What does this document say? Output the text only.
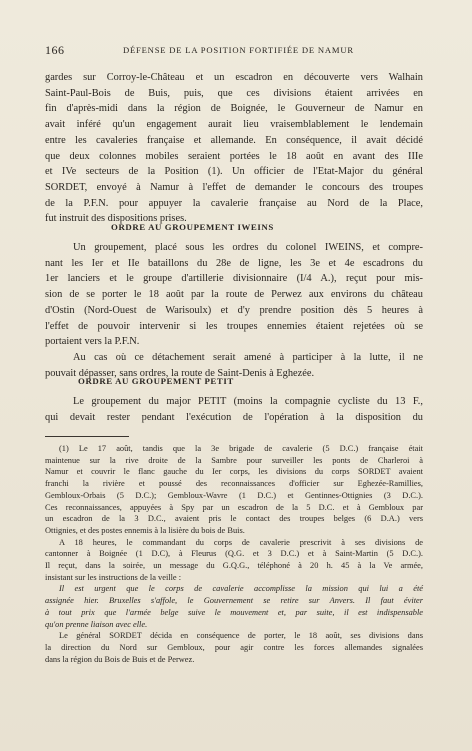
166	DÉFENSE DE LA POSITION FORTIFIÉE DE NAMUR

gardes sur Corroy-le-Château et un escadron en découverte vers Walhain
Saint-Paul-Bois de Buis, puis, que ces divisions étaient arrivées en
fin d'après-midi dans la région de Boignée, le Gouverneur de Namur en
avait inféré qu'un engagement aurait lieu vraisemblablement le lendemain
entre les cavaleries française et allemande. En conséquence, il avait décidé
que deux colonnes mobiles seraient portées le 18 août en avant des IIIe
et IVe secteurs de la Position (1). Un officier de l'Etat-Major du général
SORDET, envoyé à Namur à l'effet de demander le concours des troupes
de la P.F.N. pour appuyer la cavalerie française au Nord de la Place,
fut instruit des dispositions prises.

ORDRE AU GROUPEMENT IWEINS

Un groupement, placé sous les ordres du colonel IWEINS, et compre-
nant les Ier et IIe bataillons du 28e de ligne, les 3e et 4e escadrons du
1er lanciers et le groupe d'artillerie divisionnaire (I/4 A.), reçut pour mis-
sion de se porter le 18 août par la route de Perwez aux environs du château
d'Ostin (Nord-Ouest de Warisoulx) et d'y prendre position dès 5 heures à
l'effet de pouvoir intervenir si les troupes ennemies étaient rejetées où se
portaient vers la P.F.N.

Au cas où ce détachement serait amené à participer à la lutte, il ne
pouvait dépasser, sans ordres, la route de Saint-Denis à Eghezée.

ORDRE AU GROUPEMENT PETIT

Le groupement du major PETIT (moins la compagnie cycliste du 13 F.,
qui devait rester pendant l'exécution de l'opération à la disposition du

(1) Le 17 août, tandis que la 3e brigade de cavalerie (5 D.C.) française était
maintenue sur la rive droite de la Sambre pour surveiller les ponts de Charleroi à
Namur et couvrir le flanc gauche du Ier corps, les divisions du corps SORDET avaient
franchi la rivière et poussé des reconnaissances d'officier sur Eghezée-Ramillies,
Gembloux-Orbais (5 D.C.); Gembloux-Wavre (1 D.C.) et Gentinnes-Ottignies (3 D.C.).
Ces reconnaissances, appuyées à Spy par un escadron de la 5 D.C. et à Gembloux par
un escadron de la 3 D.C., avaient pris le contact des troupes belges (6 D.A.) vers
Ottignies, et des postes ennemis à la lisière du bois de Buis.

A 18 heures, le commandant du corps de cavalerie prescrivit à ses divisions de
cantonner à Boignée (1 D.C), à Fleurus (Q.G. et 3 D.C.) et à Saint-Martin (5 D.C.).
Il reçut, dans la soirée, un message du G.Q.G., téléphoné à 20 h. 45 à la Ve armée,
insistant sur les instructions de la veille :

Il est urgent que le corps de cavalerie accomplisse la mission qui lui a été
assignée hier. Bruxelles s'affole, le Gouvernement se retire sur Anvers. Il faut éviter
à tout prix que l'armée belge suive le mouvement et, par suite, il est indispensable
qu'on prenne liaison avec elle.

Le général SORDET décida en conséquence de porter, le 18 août, ses divisions dans
la direction du Nord sur Gembloux, pour agir contre les forces allemandes signalées
dans la région du Bois de Buis et de Perwez.
